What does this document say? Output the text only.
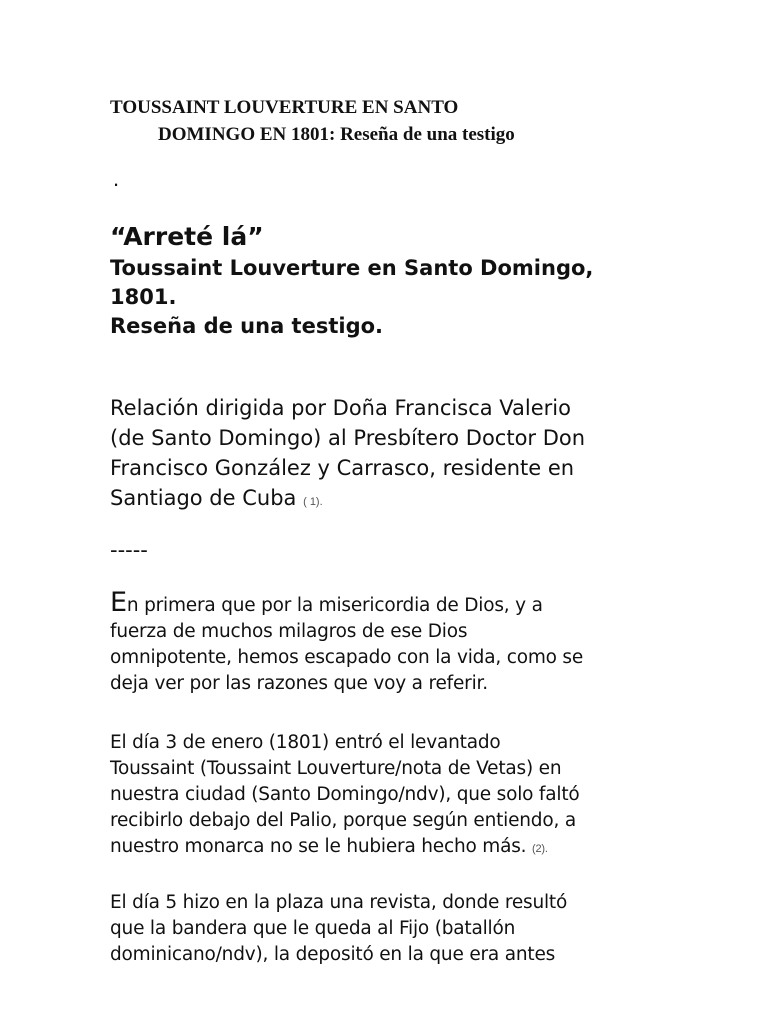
TOUSSAINT LOUVERTURE EN SANTO
DOMINGO EN 1801: Reseña de una testigo
.
“Arreté lá”
Toussaint Louverture en Santo Domingo,
1801.
Reseña de una testigo.

Relación dirigida por Doña Francisca Valerio
(de Santo Domingo) al Presbítero Doctor Don
Francisco González y Carrasco, residente en
Santiago de Cuba ( 1).

-----

En primera que por la misericordia de Dios, y a
fuerza de muchos milagros de ese Dios
omnipotente, hemos escapado con la vida, como se
deja ver por las razones que voy a referir.

El día 3 de enero (1801) entró el levantado
Toussaint (Toussaint Louverture/nota de Vetas) en
nuestra ciudad (Santo Domingo/ndv), que solo faltó
recibirlo debajo del Palio, porque según entiendo, a
nuestro monarca no se le hubiera hecho más. (2).

El día 5 hizo en la plaza una revista, donde resultó
que la bandera que le queda al Fijo (batallón
dominicano/ndv), la depositó en la que era antes
